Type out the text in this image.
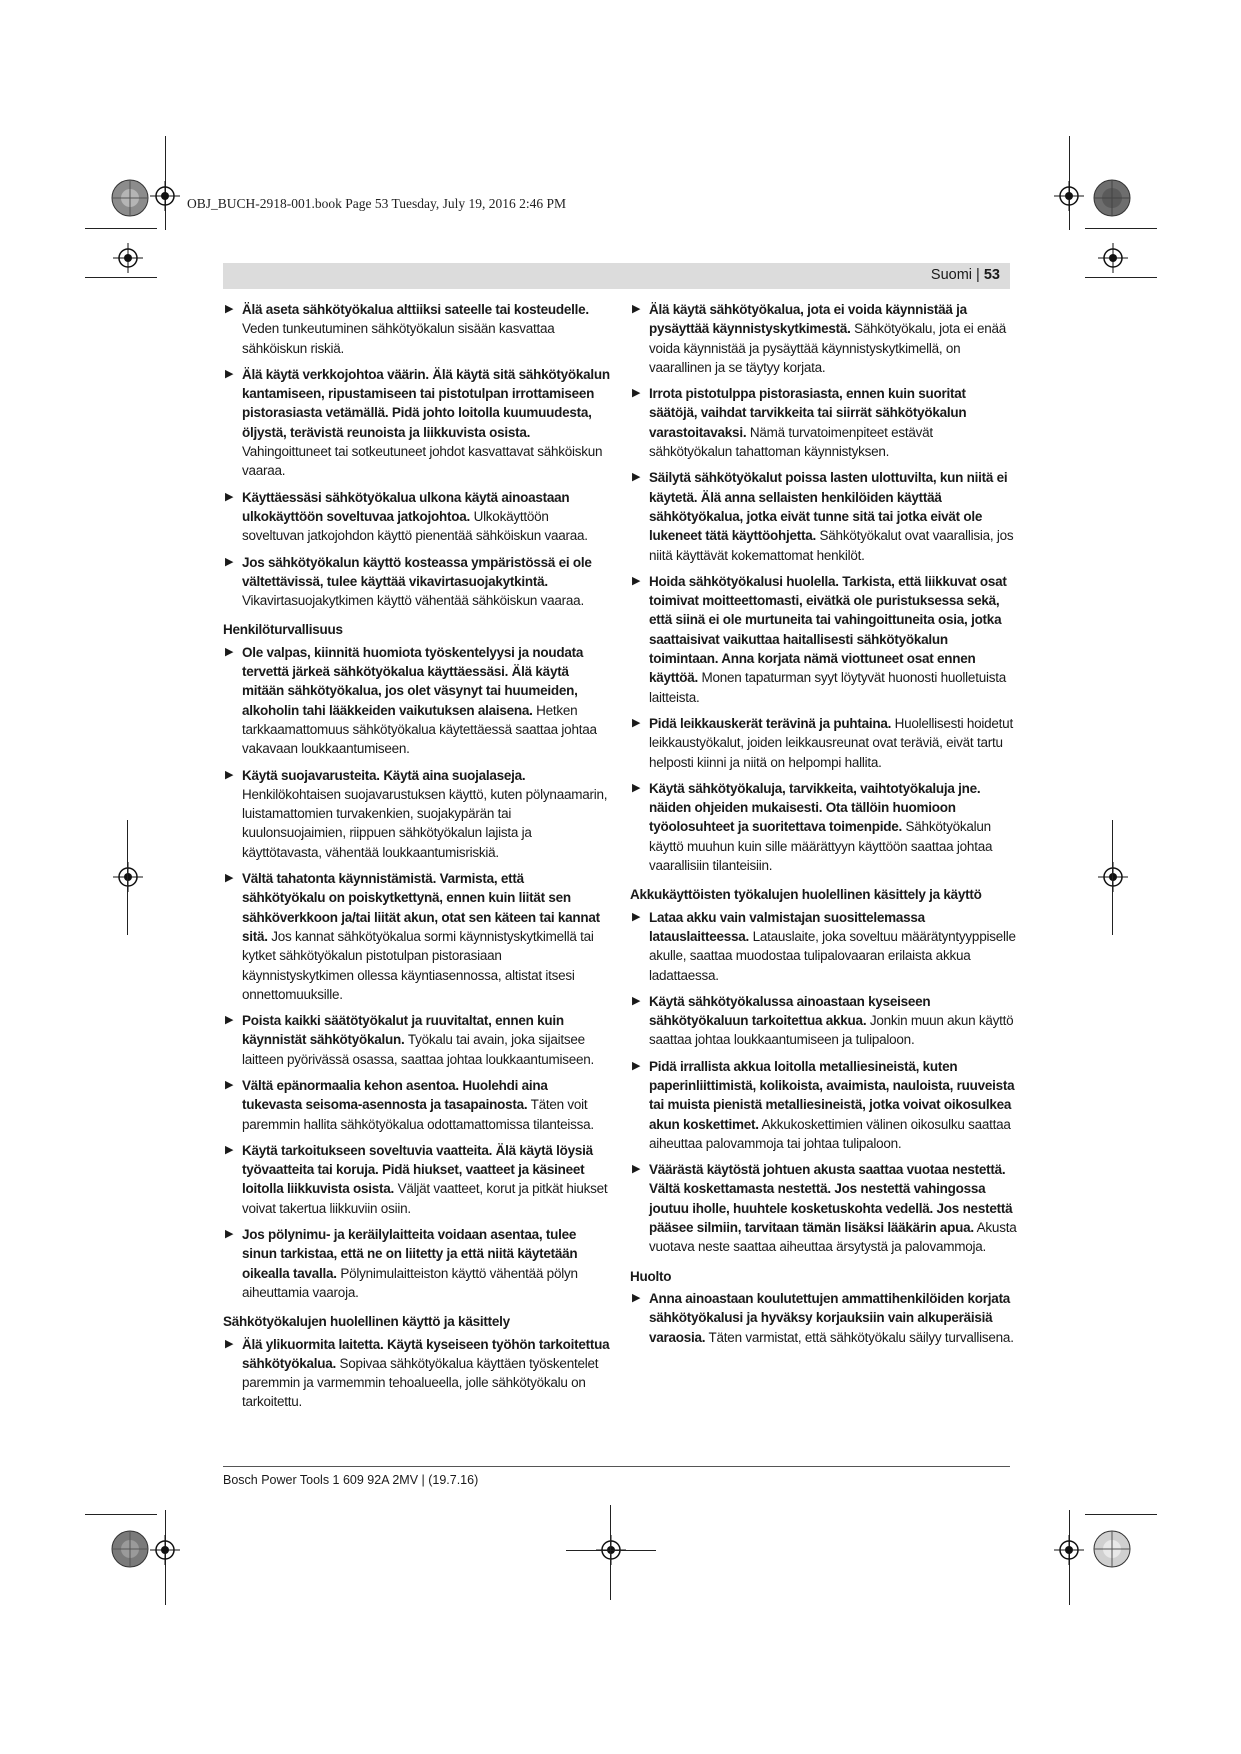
OBJ_BUCH-2918-001.book Page 53 Tuesday, July 19, 2016 2:46 PM
Suomi | 53
▶ Älä aseta sähkötyökalua alttiiksi sateelle tai kosteudelle. Veden tunkeutuminen sähkötyökalun sisään kasvattaa sähköiskun riskiä.
▶ Älä käytä verkkojohtoa väärin. Älä käytä sitä sähkötyökalun kantamiseen, ripustamiseen tai pistotulpan irrottamiseen pistorasiasta vetämällä. Pidä johto loitolla kuumuudesta, öljystä, terävistä reunoista ja liikkuvista osista. Vahingoittuneet tai sotkeutuneet johdot kasvattavat sähköiskun vaaraa.
▶ Käyttäessäsi sähkötyökalua ulkona käytä ainoastaan ulkokäyttöön soveltuvaa jatkojohtoa. Ulkokäyttöön soveltuvan jatkojohdon käyttö pienentää sähköiskun vaaraa.
▶ Jos sähkötyökalun käyttö kosteassa ympäristössä ei ole vältettävissä, tulee käyttää vikavirtasuojakytkintä. Vikavirtasuojakytkimen käyttö vähentää sähköiskun vaaraa.
Henkilöturvallisuus
▶ Ole valpas, kiinnitä huomiota työskentelyysi ja noudata tervettä järkeä sähkötyökalua käyttäessäsi. Älä käytä mitään sähkötyökalua, jos olet väsynyt tai huumeiden, alkoholin tahi lääkkeiden vaikutuksen alaisena. Hetken tarkkaamattomuus sähkötyökalua käytettäessä saattaa johtaa vakavaan loukkaantumiseen.
▶ Käytä suojavarusteita. Käytä aina suojalaseja. Henkilökohtaisen suojavarustuksen käyttö, kuten pölynaamarin, luistamattomien turvakenkien, suojakypärän tai kuulonsuojaimien, riippuen sähkötyökalun lajista ja käyttötavasta, vähentää loukkaantumisriskiä.
▶ Vältä tahatonta käynnistämistä. Varmista, että sähkötyökalu on poiskytkettynä, ennen kuin liität sen sähköverkkoon ja/tai liität akun, otat sen käteen tai kannat sitä. Jos kannat sähkötyökalua sormi käynnistyskytkimellä tai kytket sähkötyökalun pistotulpan pistorasiaan käynnistyskytkimen ollessa käyntiasennossa, altistat itsesi onnettomuuksille.
▶ Poista kaikki säätötyökalut ja ruuvitaltat, ennen kuin käynnistät sähkötyökalun. Työkalu tai avain, joka sijaitsee laitteen pyörivässä osassa, saattaa johtaa loukkaantumiseen.
▶ Vältä epänormaalia kehon asentoa. Huolehdi aina tukevasta seisoma-asennosta ja tasapainosta. Täten voit paremmin hallita sähkötyökalua odottamattomissa tilanteissa.
▶ Käytä tarkoitukseen soveltuvia vaatteita. Älä käytä löysiä työvaatteita tai koruja. Pidä hiukset, vaatteet ja käsineet loitolla liikkuvista osista. Väljät vaatteet, korut ja pitkät hiukset voivat takertua liikkuviin osiin.
▶ Jos pölynimu- ja keräilylaitteita voidaan asentaa, tulee sinun tarkistaa, että ne on liitetty ja että niitä käytetään oikealla tavalla. Pölynimulaitteiston käyttö vähentää pölyn aiheuttamia vaaroja.
Sähkötyökalujen huolellinen käyttö ja käsittely
▶ Älä ylikuormita laitetta. Käytä kyseiseen työhön tarkoitettua sähkötyökalua. Sopivaa sähkötyökalua käyttäen työskentelet paremmin ja varmemmin tehoalueella, jolle sähkötyökalu on tarkoitettu.
▶ Älä käytä sähkötyökalua, jota ei voida käynnistää ja pysäyttää käynnistyskytkimestä. Sähkötyökalu, jota ei enää voida käynnistää ja pysäyttää käynnistyskytkimellä, on vaarallinen ja se täytyy korjata.
▶ Irrota pistotulppa pistorasiasta, ennen kuin suoritat säätöjä, vaihdat tarvikkeita tai siirrät sähkötyökalun varastoitavaksi. Nämä turvatoimenpiteet estävät sähkötyökalun tahattoman käynnistyksen.
▶ Säilytä sähkötyökalut poissa lasten ulottuvilta, kun niitä ei käytetä. Älä anna sellaisten henkilöiden käyttää sähkötyökalua, jotka eivät tunne sitä tai jotka eivät ole lukeneet tätä käyttöohjetta. Sähkötyökalut ovat vaarallisia, jos niitä käyttävät kokemattomat henkilöt.
▶ Hoida sähkötyökalusi huolella. Tarkista, että liikkuvat osat toimivat moitteettomasti, eivätkä ole puristuksessa sekä, että siinä ei ole murtuneita tai vahingoittuneita osia, jotka saattaisivat vaikuttaa haitallisesti sähkötyökalun toimintaan. Anna korjata nämä viottuneet osat ennen käyttöä. Monen tapaturman syyt löytyvät huonosti huolletuista laitteista.
▶ Pidä leikkauskerät terävinä ja puhtaina. Huolellisesti hoidetut leikkaustyökalut, joiden leikkausreunat ovat teräviä, eivät tartu helposti kiinni ja niitä on helpompi hallita.
▶ Käytä sähkötyökaluja, tarvikkeita, vaihtotyökaluja jne. näiden ohjeiden mukaisesti. Ota tällöin huomioon työolosuhteet ja suoritettava toimenpide. Sähkötyökalun käyttö muuhun kuin sille määrättyyn käyttöön saattaa johtaa vaarallisiin tilanteisiin.
Akkukäyttöisten työkalujen huolellinen käsittely ja käyttö
▶ Lataa akku vain valmistajan suosittelemassa latauslaitteessa. Latauslaite, joka soveltuu määrätyntyyppiselle akulle, saattaa muodostaa tulipalovaaran erilaista akkua ladattaessa.
▶ Käytä sähkötyökalussa ainoastaan kyseiseen sähkötyökaluun tarkoitettua akkua. Jonkin muun akun käyttö saattaa johtaa loukkaantumiseen ja tulipaloon.
▶ Pidä irrallista akkua loitolla metalliesineistä, kuten paperinliittimistä, kolikoista, avaimista, nauloista, ruuveista tai muista pienistä metalliesineistä, jotka voivat oikosulkea akun koskettimet. Akkukoskettimien välinen oikosulku saattaa aiheuttaa palovammoja tai johtaa tulipaloon.
▶ Väärästä käytöstä johtuen akusta saattaa vuotaa nestettä. Vältä koskettamasta nestettä. Jos nestettä vahingossa joutuu iholle, huuhtele kosketuskohta vedellä. Jos nestettä pääsee silmiin, tarvitaan tämän lisäksi lääkärin apua. Akusta vuotava neste saattaa aiheuttaa ärsytystä ja palovammoja.
Huolto
▶ Anna ainoastaan koulutettujen ammattihenkilöiden korjata sähkötyökalusi ja hyväksy korjauksiin vain alkuperäisiä varaosia. Täten varmistat, että sähkötyökalu säilyy turvallisena.
Bosch Power Tools 1 609 92A 2MV | (19.7.16)
